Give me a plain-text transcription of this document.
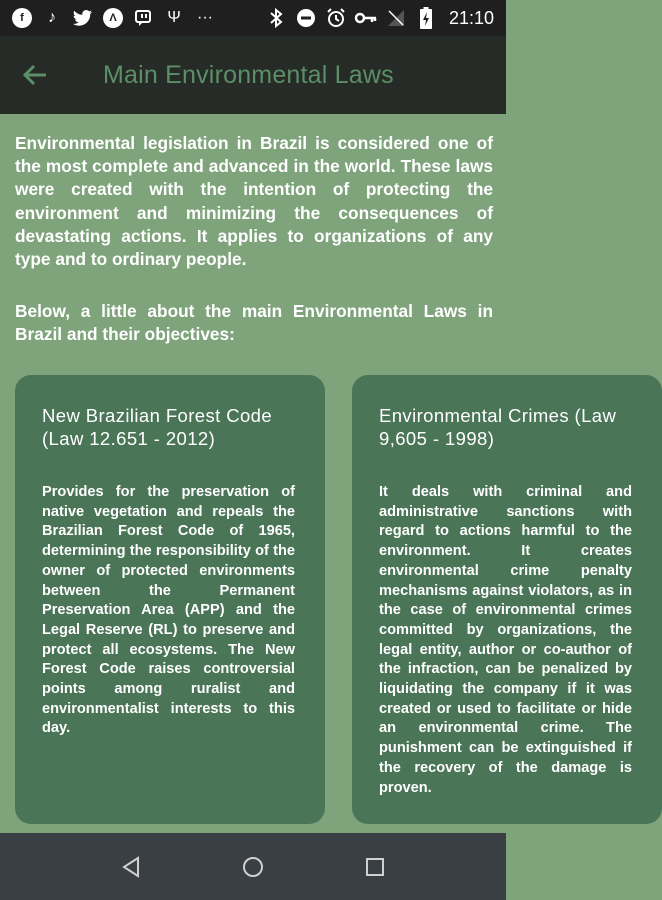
f	♪	Λ	Ψ ···	21:10
Main Environmental Laws

Environmental legislation in Brazil is considered one of the most complete and advanced in the world. These laws were created with the intention of protecting the environment and minimizing the consequences of devastating actions. It applies to organizations of any type and to ordinary people.

Below, a little about the main Environmental Laws in Brazil and their objectives:

New Brazilian Forest Code (Law 12.651 - 2012)
Provides for the preservation of native vegetation and repeals the Brazilian Forest Code of 1965, determining the responsibility of the owner of protected environments between the Permanent Preservation Area (APP) and the Legal Reserve (RL) to preserve and protect all ecosystems. The New Forest Code raises controversial points among ruralist and environmentalist interests to this day.
Environmental Crimes (Law 9,605 - 1998)
It deals with criminal and administrative sanctions with regard to actions harmful to the environment. It creates environmental crime penalty mechanisms against violators, as in the case of environmental crimes committed by organizations, the legal entity, author or co-author of the infraction, can be penalized by liquidating the company if it was created or used to facilitate or hide an environmental crime. The punishment can be extinguished if the recovery of the damage is proven.
